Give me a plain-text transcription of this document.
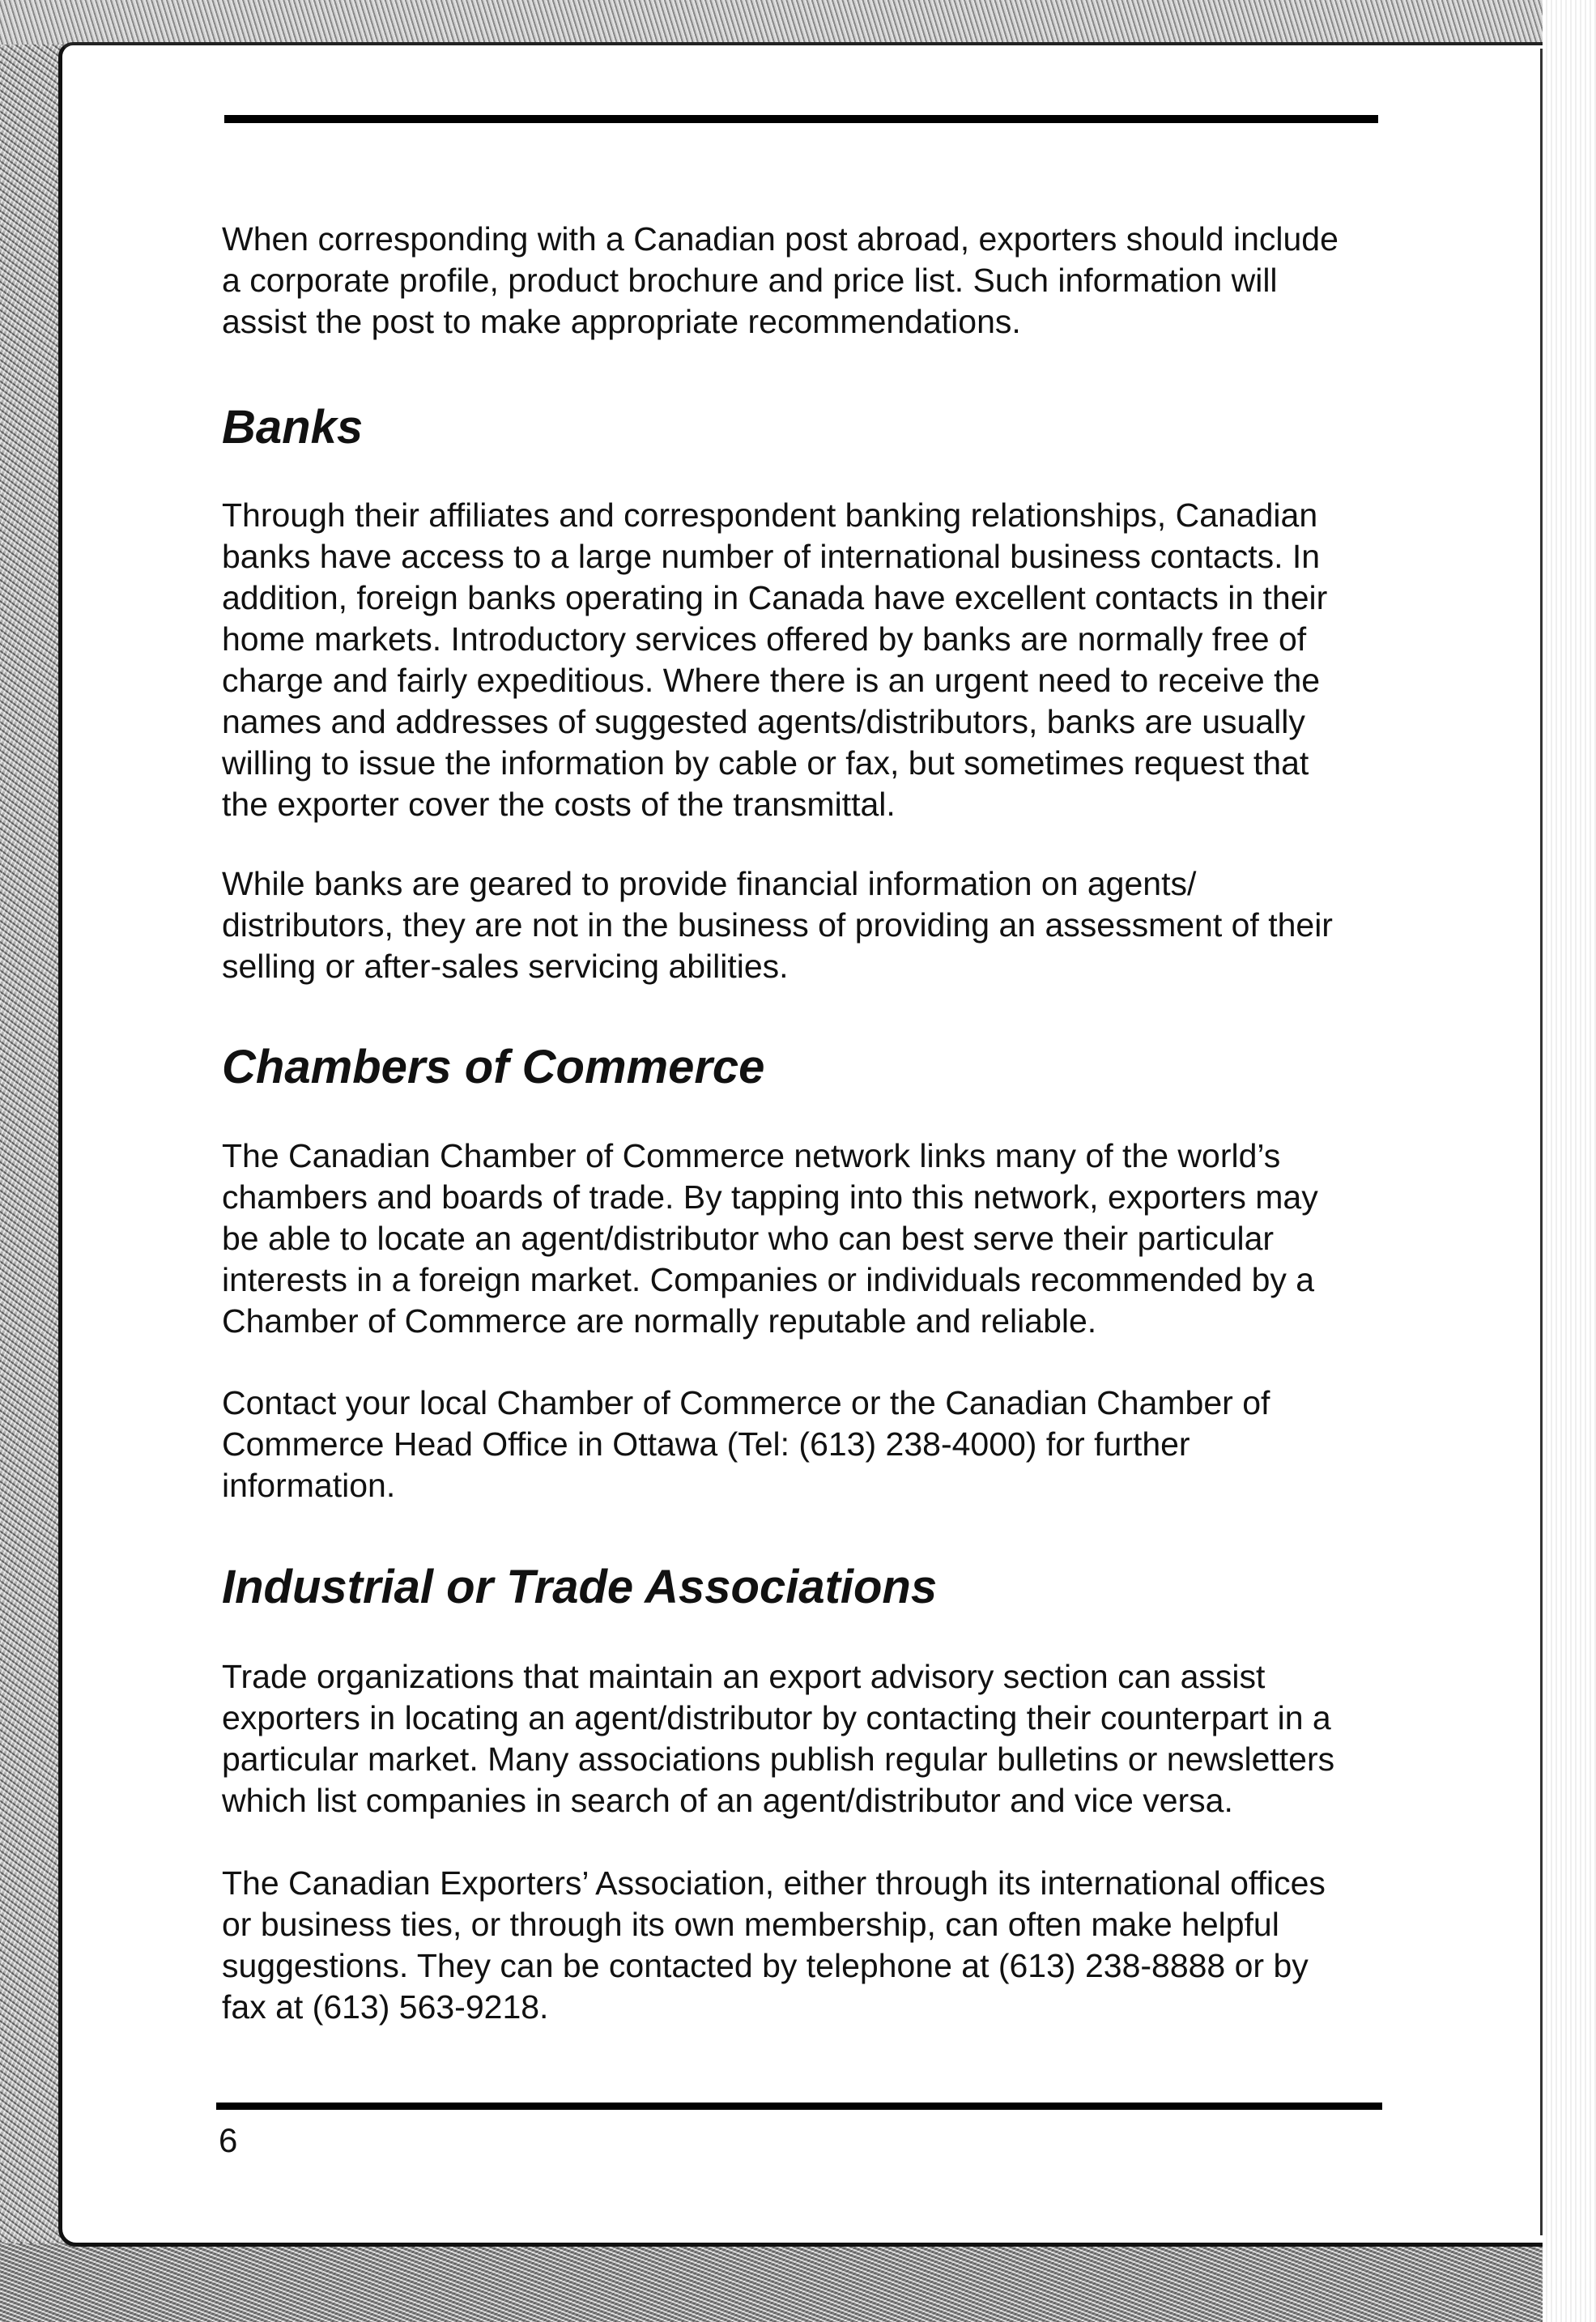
When corresponding with a Canadian post abroad, exporters should include
a corporate profile, product brochure and price list. Such information will
assist the post to make appropriate recommendations.

Banks

Through their affiliates and correspondent banking relationships, Canadian
banks have access to a large number of international business contacts. In
addition, foreign banks operating in Canada have excellent contacts in their
home markets. Introductory services offered by banks are normally free of
charge and fairly expeditious. Where there is an urgent need to receive the
names and addresses of suggested agents/distributors, banks are usually
willing to issue the information by cable or fax, but sometimes request that
the exporter cover the costs of the transmittal.

While banks are geared to provide financial information on agents/
distributors, they are not in the business of providing an assessment of their
selling or after-sales servicing abilities.

Chambers of Commerce

The Canadian Chamber of Commerce network links many of the world’s
chambers and boards of trade. By tapping into this network, exporters may
be able to locate an agent/distributor who can best serve their particular
interests in a foreign market. Companies or individuals recommended by a
Chamber of Commerce are normally reputable and reliable.

Contact your local Chamber of Commerce or the Canadian Chamber of
Commerce Head Office in Ottawa (Tel: (613) 238-4000) for further
information.

Industrial or Trade Associations

Trade organizations that maintain an export advisory section can assist
exporters in locating an agent/distributor by contacting their counterpart in a
particular market. Many associations publish regular bulletins or newsletters
which list companies in search of an agent/distributor and vice versa.

The Canadian Exporters’ Association, either through its international offices
or business ties, or through its own membership, can often make helpful
suggestions. They can be contacted by telephone at (613) 238-8888 or by
fax at (613) 563-9218.

6
